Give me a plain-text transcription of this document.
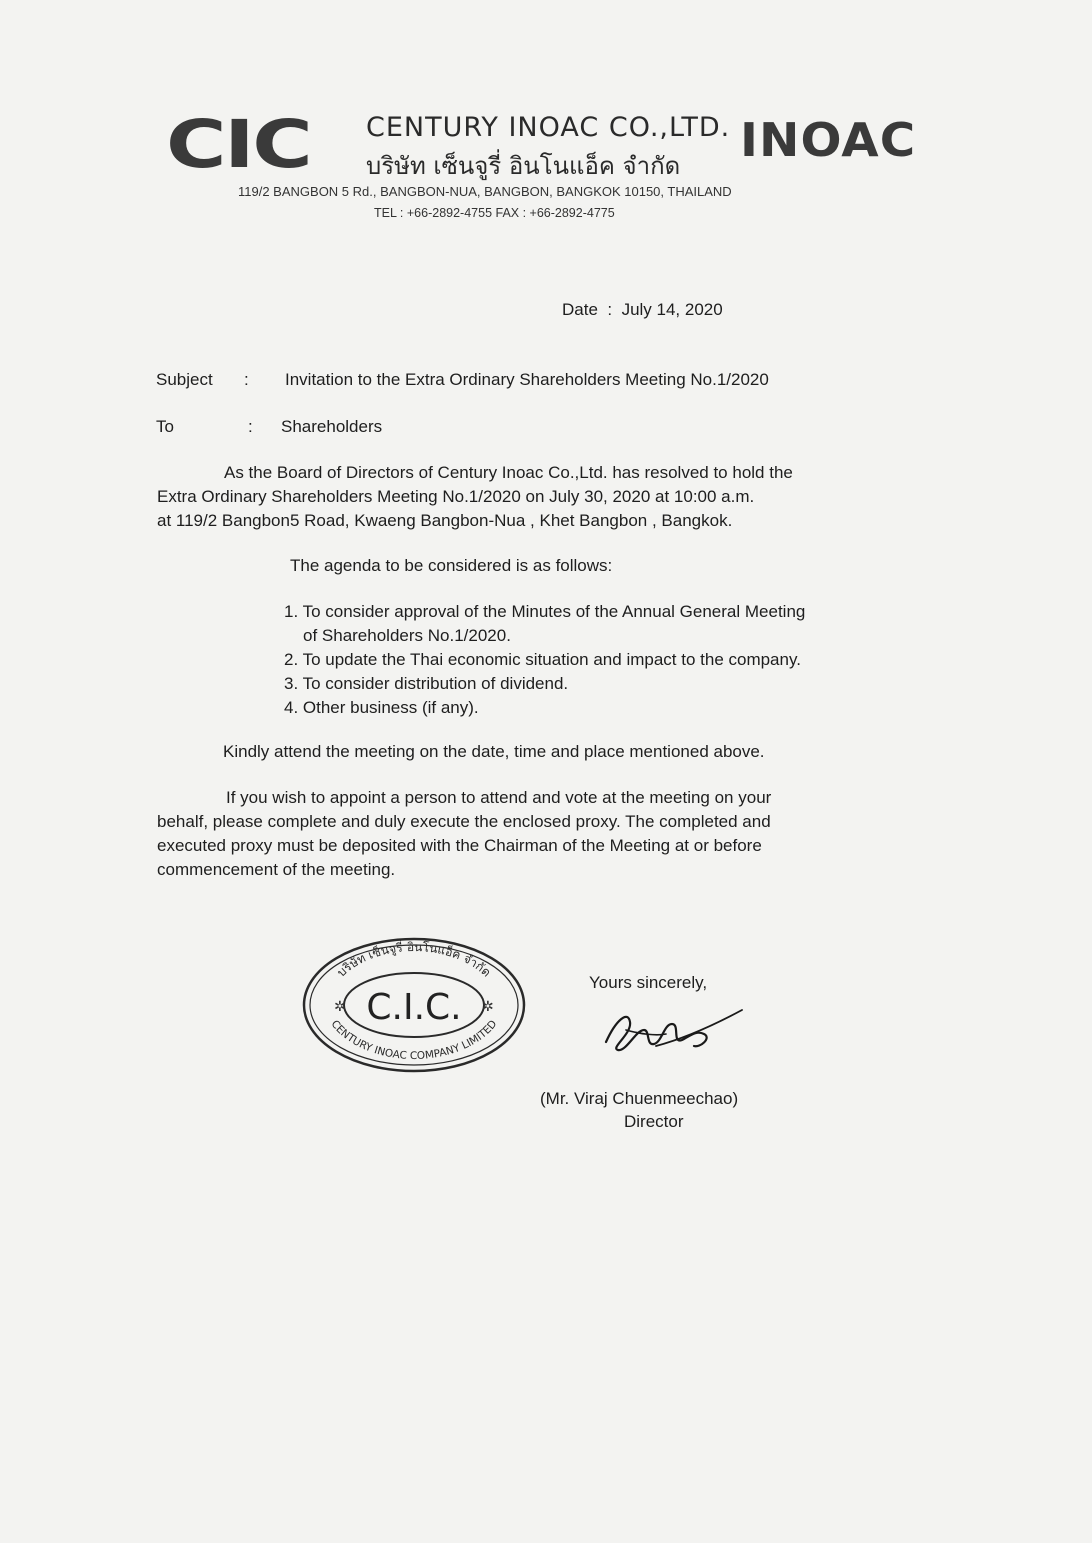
CIC CENTURY INOAC CO.,LTD.
บริษัท เซ็นจูรี่ อินโนแอ็ค จำกัด INOAC
119/2 BANGBON 5 Rd., BANGBON-NUA, BANGBON, BANGKOK 10150, THAILAND
TEL : +66-2892-4755 FAX : +66-2892-4775
Date  :  July 14, 2020
Subject : Invitation to the Extra Ordinary Shareholders Meeting No.1/2020
To	: Shareholders
As the Board of Directors of Century Inoac Co.,Ltd. has resolved to hold the
Extra Ordinary Shareholders Meeting No.1/2020 on July 30, 2020 at 10:00 a.m.
at 119/2 Bangbon5 Road, Kwaeng Bangbon-Nua , Khet Bangbon , Bangkok.
The agenda to be considered is as follows:
1. To consider approval of the Minutes of the Annual General Meeting
of Shareholders No.1/2020.
2. To update the Thai economic situation and impact to the company.
3. To consider distribution of dividend.
4. Other business (if any).
Kindly attend the meeting on the date, time and place mentioned above.
If you wish to appoint a person to attend and vote at the meeting on your
behalf, please complete and duly execute the enclosed proxy. The completed and
executed proxy must be deposited with the Chairman of the Meeting at or before
commencement of the meeting.
บริษัท เซ็นจูรี่ อินโนแอ็ค จำกัด
CENTURY INOAC COMPANY LIMITED
C.I.C.
✲	✲
Yours sincerely,
(Mr. Viraj Chuenmeechao)
Director
